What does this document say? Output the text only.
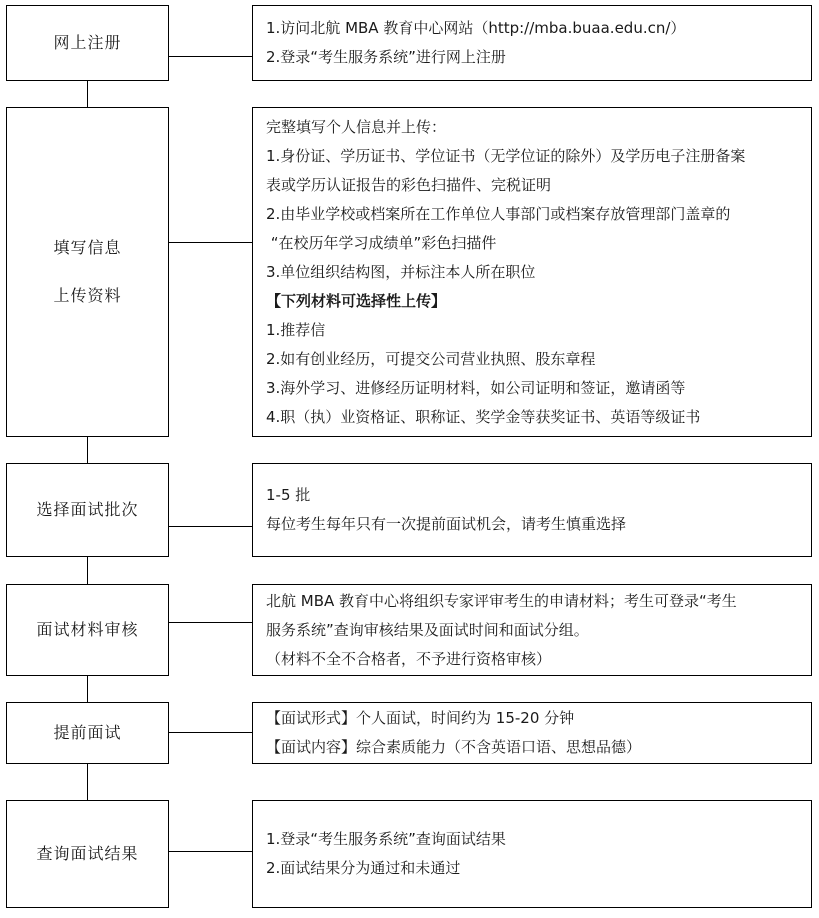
网上注册
1.访问北航 MBA 教育中心网站（http://mba.buaa.edu.cn/）
2.登录“考生服务系统”进行网上注册
填写信息
上传资料
完整填写个人信息并上传：
1.身份证、学历证书、学位证书（无学位证的除外）及学历电子注册备案
表或学历认证报告的彩色扫描件、完税证明
2.由毕业学校或档案所在工作单位人事部门或档案存放管理部门盖章的
“在校历年学习成绩单”彩色扫描件
3.单位组织结构图，并标注本人所在职位
【下列材料可选择性上传】
1.推荐信
2.如有创业经历，可提交公司营业执照、股东章程
3.海外学习、进修经历证明材料，如公司证明和签证，邀请函等
4.职（执）业资格证、职称证、奖学金等获奖证书、英语等级证书
选择面试批次
1-5 批
每位考生每年只有一次提前面试机会，请考生慎重选择
面试材料审核
北航 MBA 教育中心将组织专家评审考生的申请材料；考生可登录“考生
服务系统”查询审核结果及面试时间和面试分组。
（材料不全不合格者，不予进行资格审核）
提前面试
【面试形式】个人面试，时间约为 15-20 分钟
【面试内容】综合素质能力（不含英语口语、思想品德）
查询面试结果
1.登录“考生服务系统”查询面试结果
2.面试结果分为通过和未通过
